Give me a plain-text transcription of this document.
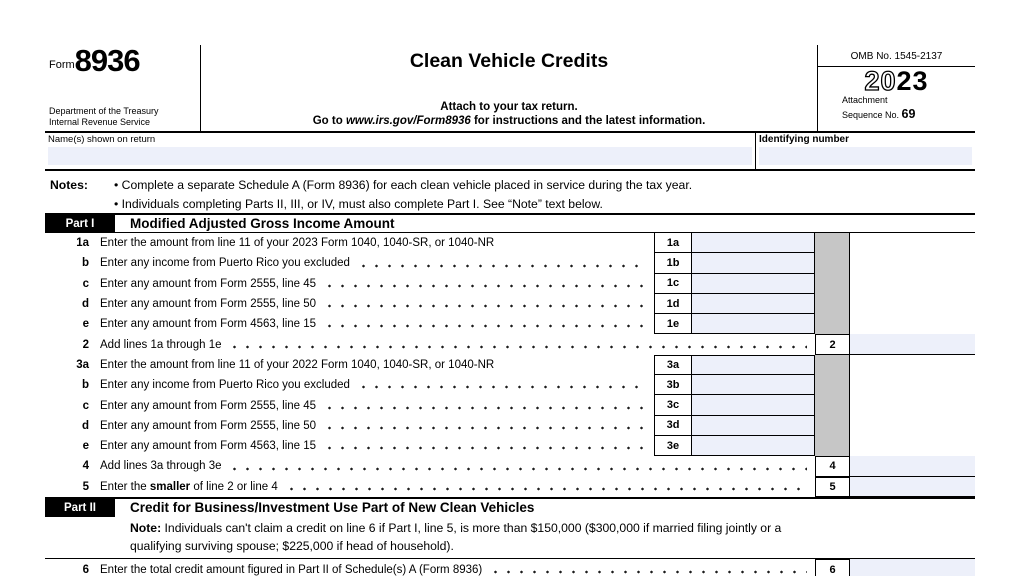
Form 8936
Department of the Treasury
Internal Revenue Service
Clean Vehicle Credits
Attach to your tax return.
Go to www.irs.gov/Form8936 for instructions and the latest information.
OMB No. 1545-2137
2023
Attachment
Sequence No. 69
Name(s) shown on return	Identifying number
Notes:	• Complete a separate Schedule A (Form 8936) for each clean vehicle placed in service during the tax year.
• Individuals completing Parts II, III, or IV, must also complete Part I. See “Note” text below.
Part I	Modified Adjusted Gross Income Amount
1a Enter the amount from line 11 of your 2023 Form 1040, 1040-SR, or 1040-NR	1a
b Enter any income from Puerto Rico you excluded	1b
c Enter any amount from Form 2555, line 45	1c
d Enter any amount from Form 2555, line 50	1d
e Enter any amount from Form 4563, line 15	1e
2 Add lines 1a through 1e	2
3a Enter the amount from line 11 of your 2022 Form 1040, 1040-SR, or 1040-NR	3a
b Enter any income from Puerto Rico you excluded	3b
c Enter any amount from Form 2555, line 45	3c
d Enter any amount from Form 2555, line 50	3d
e Enter any amount from Form 4563, line 15	3e
4 Add lines 3a through 3e	4
5 Enter the smaller of line 2 or line 4	5
Part II	Credit for Business/Investment Use Part of New Clean Vehicles
Note: Individuals can't claim a credit on line 6 if Part I, line 5, is more than $150,000 ($300,000 if married filing jointly or a
qualifying surviving spouse; $225,000 if head of household).
6 Enter the total credit amount figured in Part II of Schedule(s) A (Form 8936)	6
